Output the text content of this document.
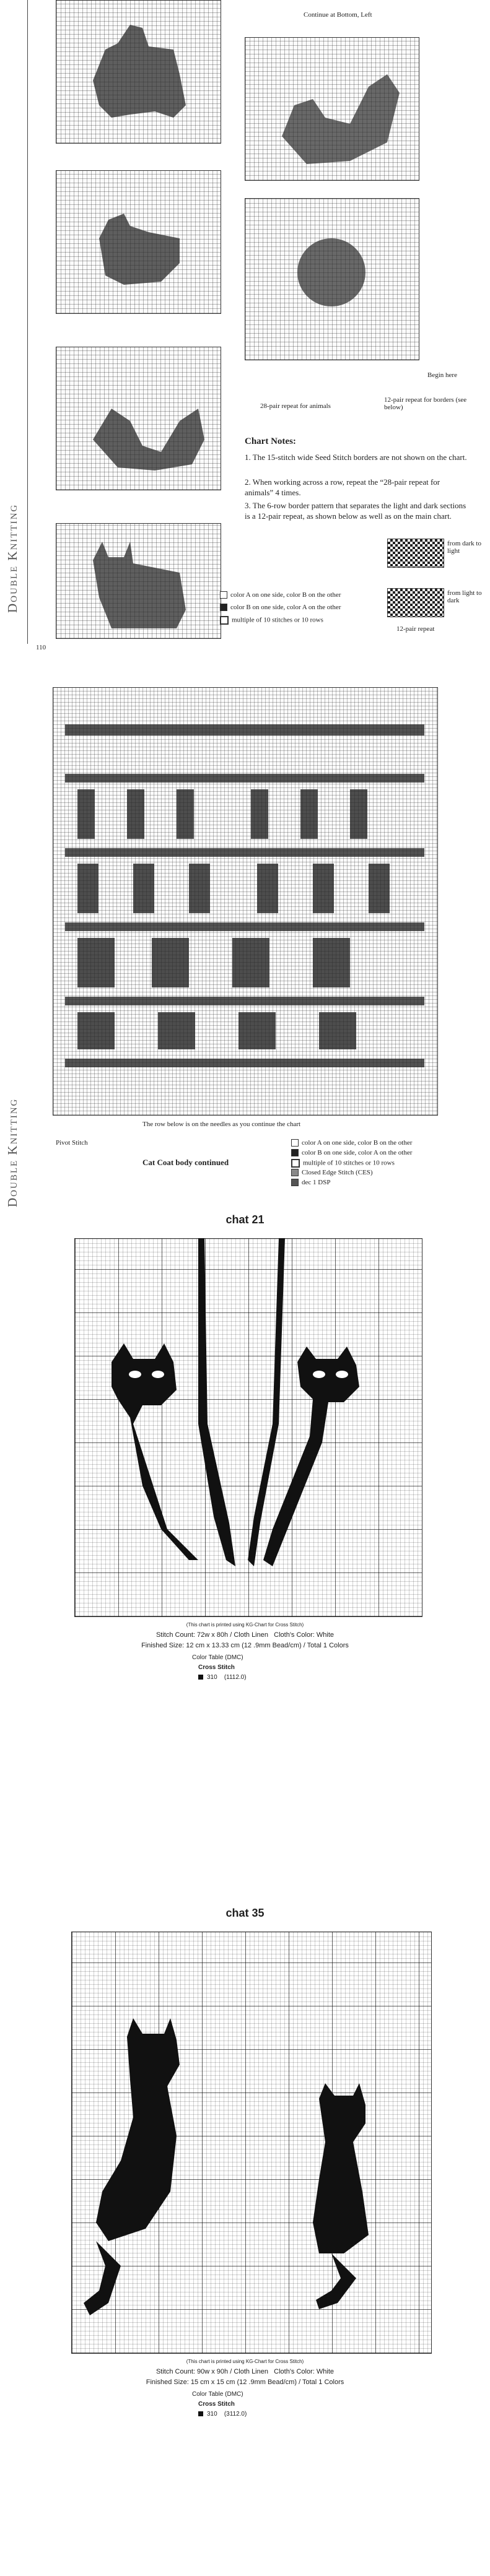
Double Knitting
Continue at Bottom, Left
Begin here
28-pair repeat for animals
12-pair repeat for borders (see below)
Chart Notes:
1. The 15-stitch wide Seed Stitch borders are not shown on the chart.
2. When working across a row, repeat the “28-pair repeat for animals” 4 times.
3. The 6-row border pattern that separates the light and dark sections is a 12-pair repeat, as shown below as well as on the main chart.
from dark to light
from light to dark
12-pair repeat
color A on one side, color B on the other
color B on one side, color A on the other
multiple of 10 stitches or 10 rows
110
Double Knitting	The row below is on the needles as you continue the chart
Pivot Stitch
Cat Coat body continued
color A on one side, color B on the other
color B on one side, color A on the other
multiple of 10 stitches or 10 rows
Closed Edge Stitch (CES)
dec 1 DSP
chat 21
(This chart is printed using KG-Chart for Cross Stitch)
Stitch Count: 72w x 80h / Cloth Linen Cloth's Color: White
Finished Size: 12 cm x 13.33 cm (12 .9mm Bead/cm) / Total 1 Colors
Color Table (DMC)
Cross Stitch
310 (1112.0)
chat 35
(This chart is printed using KG-Chart for Cross Stitch)
Stitch Count: 90w x 90h / Cloth Linen Cloth's Color: White
Finished Size: 15 cm x 15 cm (12 .9mm Bead/cm) / Total 1 Colors
Color Table (DMC)
Cross Stitch
310 (3112.0)
